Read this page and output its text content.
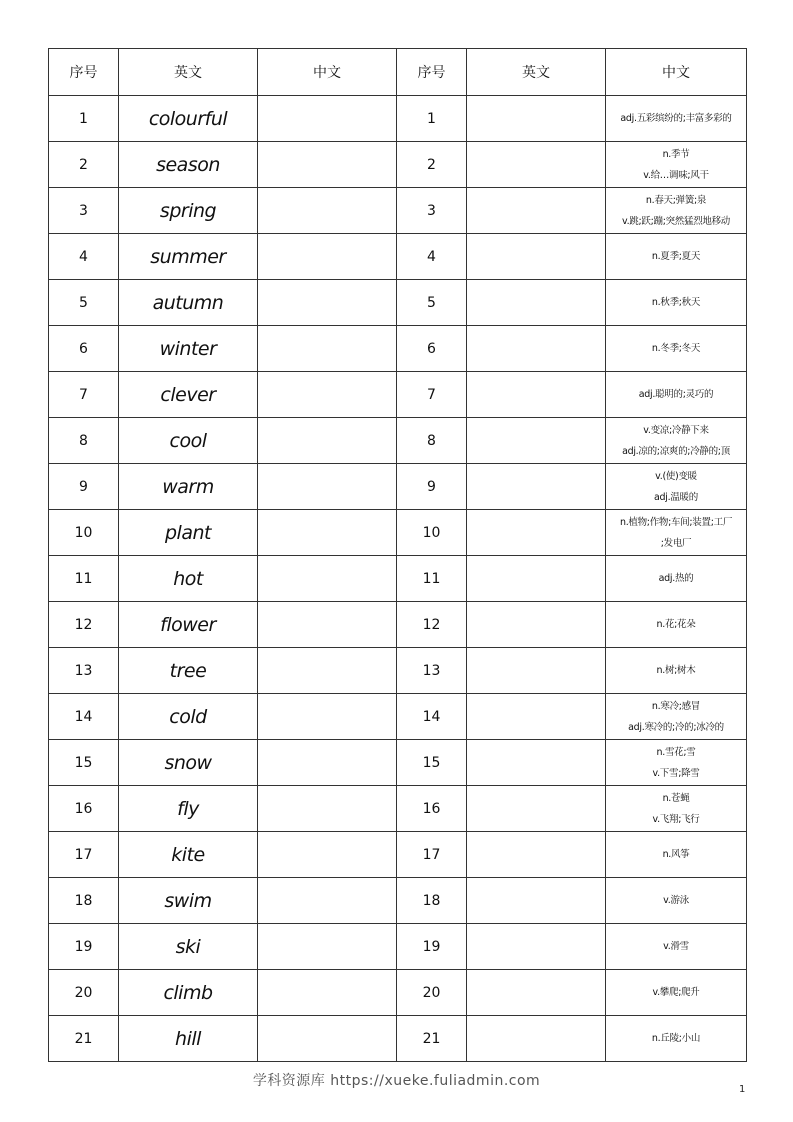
序号	英文	中文	序号	英文	中文
1	colourful		1		adj.五彩缤纷的;丰富多彩的

2	season		2		n.季节
v.给…调味;风干

3	spring		3		n.春天;弹簧;泉
v.跳;跃;蹦;突然猛烈地移动

4	summer		4		n.夏季;夏天

5	autumn		5		n.秋季;秋天

6	winter		6		n.冬季;冬天

7	clever		7		adj.聪明的;灵巧的

8	cool		8		v.变凉;冷静下来
adj.凉的;凉爽的;冷静的;顶

9	warm		9		v.(使)变暖
adj.温暖的

10	plant		10		n.植物;作物;车间;装置;工厂
;发电厂

11	hot		11		adj.热的

12	flower		12		n.花;花朵

13	tree		13		n.树;树木

14	cold		14		n.寒冷;感冒
adj.寒冷的;冷的;冰冷的

15	snow		15		n.雪花;雪
v.下雪;降雪

16	fly		16		n.苍蝇
v.飞翔;飞行

17	kite		17		n.风筝

18	swim		18		v.游泳

19	ski		19		v.滑雪

20	climb		20		v.攀爬;爬升

21	hill		21		n.丘陵;小山
学科资源库 https://xueke.fuliadmin.com
1
